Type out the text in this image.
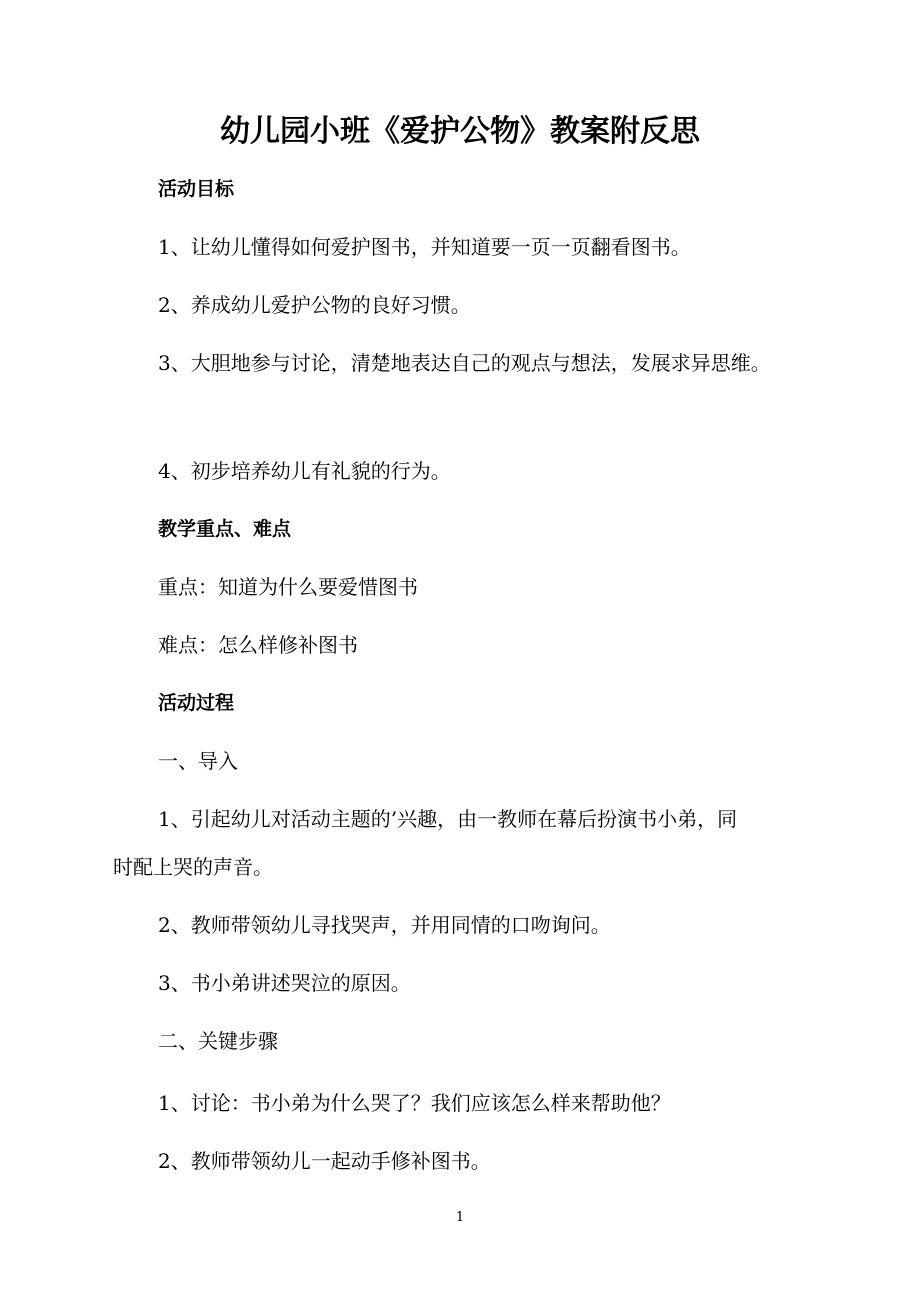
幼儿园小班《爱护公物》教案附反思
活动目标
1、让幼儿懂得如何爱护图书，并知道要一页一页翻看图书。
2、养成幼儿爱护公物的良好习惯。
3、大胆地参与讨论，清楚地表达自己的观点与想法，发展求异思维。
4、初步培养幼儿有礼貌的行为。
教学重点、难点
重点：知道为什么要爱惜图书
难点：怎么样修补图书
活动过程
一、导入
1、引起幼儿对活动主题的’兴趣，由一教师在幕后扮演书小弟，同
时配上哭的声音。
2、教师带领幼儿寻找哭声，并用同情的口吻询问。
3、书小弟讲述哭泣的原因。
二、关键步骤
1、讨论：书小弟为什么哭了？我们应该怎么样来帮助他？
2、教师带领幼儿一起动手修补图书。
1
